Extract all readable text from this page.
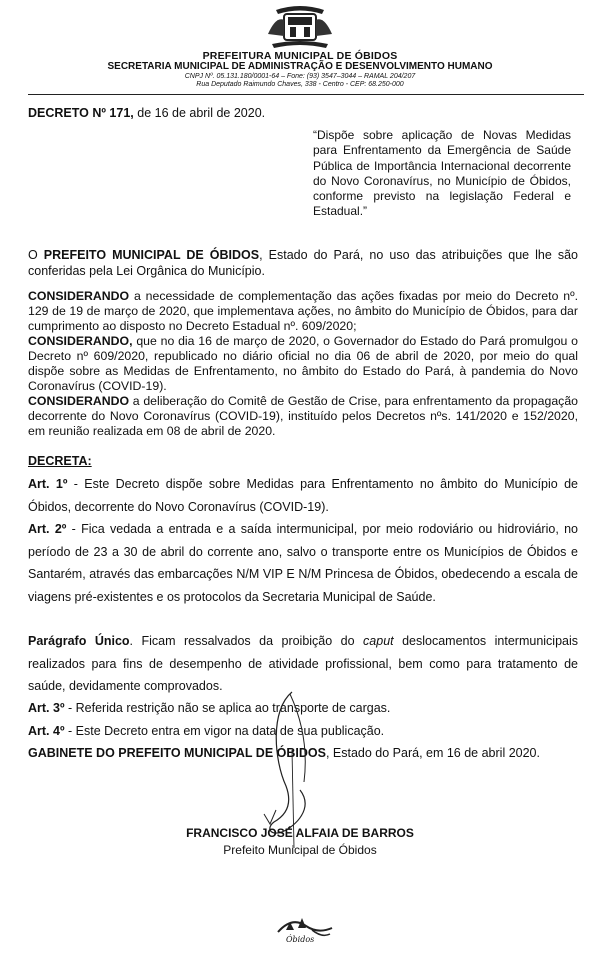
PREFEITURA MUNICIPAL DE ÓBIDOS
SECRETARIA MUNICIPAL DE ADMINISTRAÇÃO E DESENVOLVIMENTO HUMANO
CNPJ Nº. 05.131.180/0001-64 – Fone: (93) 3547–3044 – RAMAL 204/207
Rua Deputado Raimundo Chaves, 338 - Centro - CEP: 68.250-000
DECRETO Nº 171, de 16 de abril de 2020.
“Dispõe sobre aplicação de Novas Medidas para Enfrentamento da Emergência de Saúde Pública de Importância Internacional decorrente do Novo Coronavírus, no Município de Óbidos, conforme previsto na legislação Federal e Estadual.”
O PREFEITO MUNICIPAL DE ÓBIDOS, Estado do Pará, no uso das atribuições que lhe são conferidas pela Lei Orgânica do Município.

CONSIDERANDO a necessidade de complementação das ações fixadas por meio do Decreto nº. 129 de 19 de março de 2020, que implementava ações, no âmbito do Município de Óbidos, para dar cumprimento ao disposto no Decreto Estadual nº. 609/2020;

CONSIDERANDO, que no dia 16 de março de 2020, o Governador do Estado do Pará promulgou o Decreto nº 609/2020, republicado no diário oficial no dia 06 de abril de 2020, por meio do qual dispõe sobre as Medidas de Enfrentamento, no âmbito do Estado do Pará, à pandemia do Novo Coronavírus (COVID-19).

CONSIDERANDO a deliberação do Comitê de Gestão de Crise, para enfrentamento da propagação decorrente do Novo Coronavírus (COVID-19), instituído pelos Decretos nºs. 141/2020 e 152/2020, em reunião realizada em 08 de abril de 2020.

DECRETA:
Art. 1º - Este Decreto dispõe sobre Medidas para Enfrentamento no âmbito do Município de Óbidos, decorrente do Novo Coronavírus (COVID-19).
Art. 2º - Fica vedada a entrada e a saída intermunicipal, por meio rodoviário ou hidroviário, no período de 23 a 30 de abril do corrente ano, salvo o transporte entre os Municípios de Óbidos e Santarém, através das embarcações N/M VIP E N/M Princesa de Óbidos, obedecendo a escala de viagens pré-existentes e os protocolos da Secretaria Municipal de Saúde.
Parágrafo Único. Ficam ressalvados da proibição do caput deslocamentos intermunicipais realizados para fins de desempenho de atividade profissional, bem como para tratamento de saúde, devidamente comprovados.
Art. 3º - Referida restrição não se aplica ao transporte de cargas.
Art. 4º - Este Decreto entra em vigor na data de sua publicação.
GABINETE DO PREFEITO MUNICIPAL DE ÓBIDOS, Estado do Pará, em 16 de abril 2020.
FRANCISCO JOSÉ ALFAIA DE BARROS
Prefeito Municipal de Óbidos
Óbidos
